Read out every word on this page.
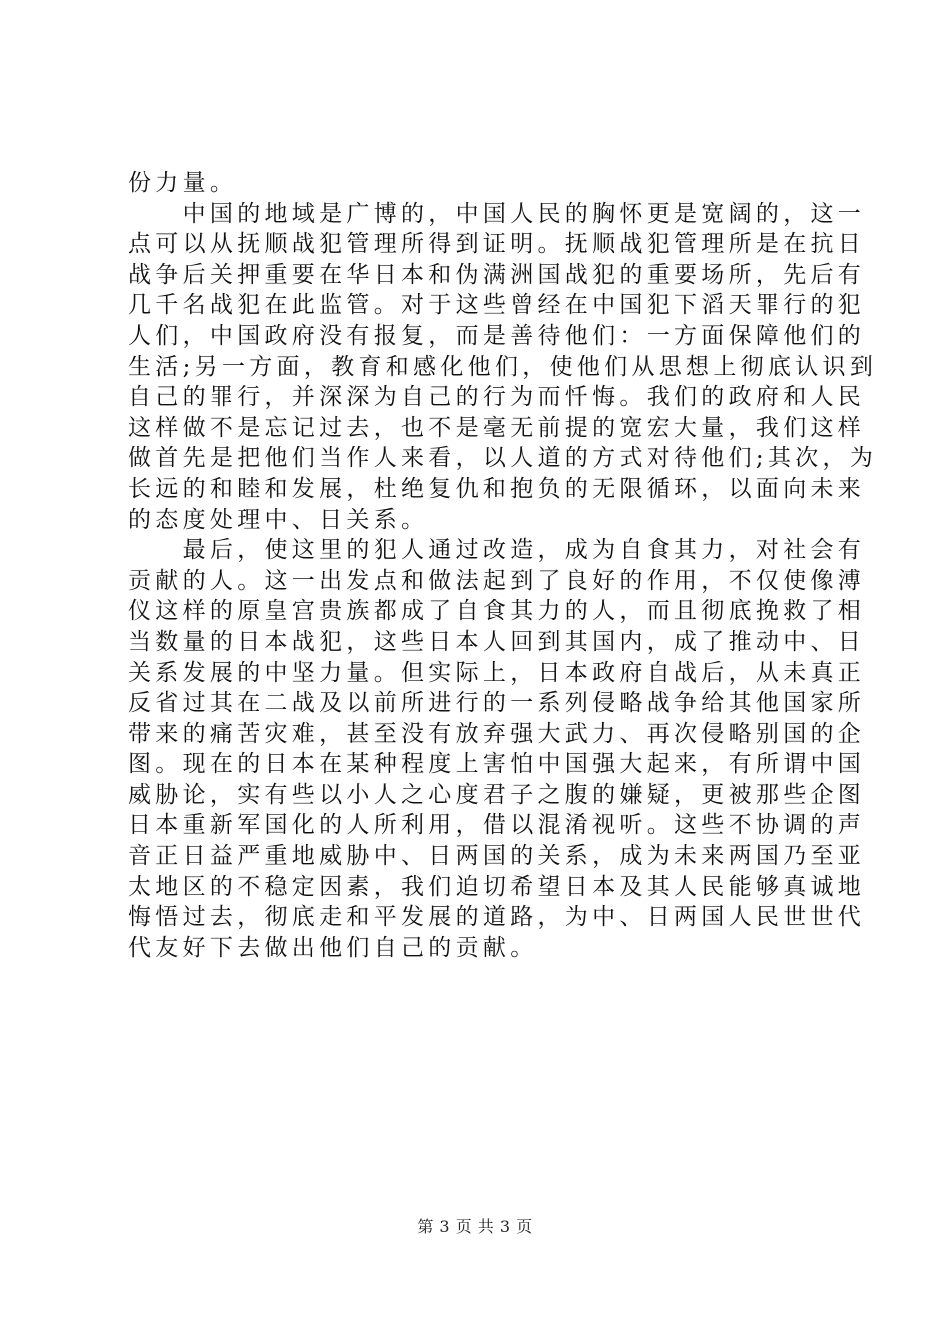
份力量。
　　中国的地域是广博的，中国人民的胸怀更是宽阔的，这一
点可以从抚顺战犯管理所得到证明。抚顺战犯管理所是在抗日
战争后关押重要在华日本和伪满洲国战犯的重要场所，先后有
几千名战犯在此监管。对于这些曾经在中国犯下滔天罪行的犯
人们，中国政府没有报复，而是善待他们：一方面保障他们的
生活;另一方面，教育和感化他们，使他们从思想上彻底认识到
自己的罪行，并深深为自己的行为而忏悔。我们的政府和人民
这样做不是忘记过去，也不是毫无前提的宽宏大量，我们这样
做首先是把他们当作人来看，以人道的方式对待他们;其次，为
长远的和睦和发展，杜绝复仇和抱负的无限循环，以面向未来
的态度处理中、日关系。
　　最后，使这里的犯人通过改造，成为自食其力，对社会有
贡献的人。这一出发点和做法起到了良好的作用，不仅使像溥
仪这样的原皇宫贵族都成了自食其力的人，而且彻底挽救了相
当数量的日本战犯，这些日本人回到其国内，成了推动中、日
关系发展的中坚力量。但实际上，日本政府自战后，从未真正
反省过其在二战及以前所进行的一系列侵略战争给其他国家所
带来的痛苦灾难，甚至没有放弃强大武力、再次侵略别国的企
图。现在的日本在某种程度上害怕中国强大起来，有所谓中国
威胁论，实有些以小人之心度君子之腹的嫌疑，更被那些企图
日本重新军国化的人所利用，借以混淆视听。这些不协调的声
音正日益严重地威胁中、日两国的关系，成为未来两国乃至亚
太地区的不稳定因素，我们迫切希望日本及其人民能够真诚地
悔悟过去，彻底走和平发展的道路，为中、日两国人民世世代
代友好下去做出他们自己的贡献。
第 3 页 共 3 页
